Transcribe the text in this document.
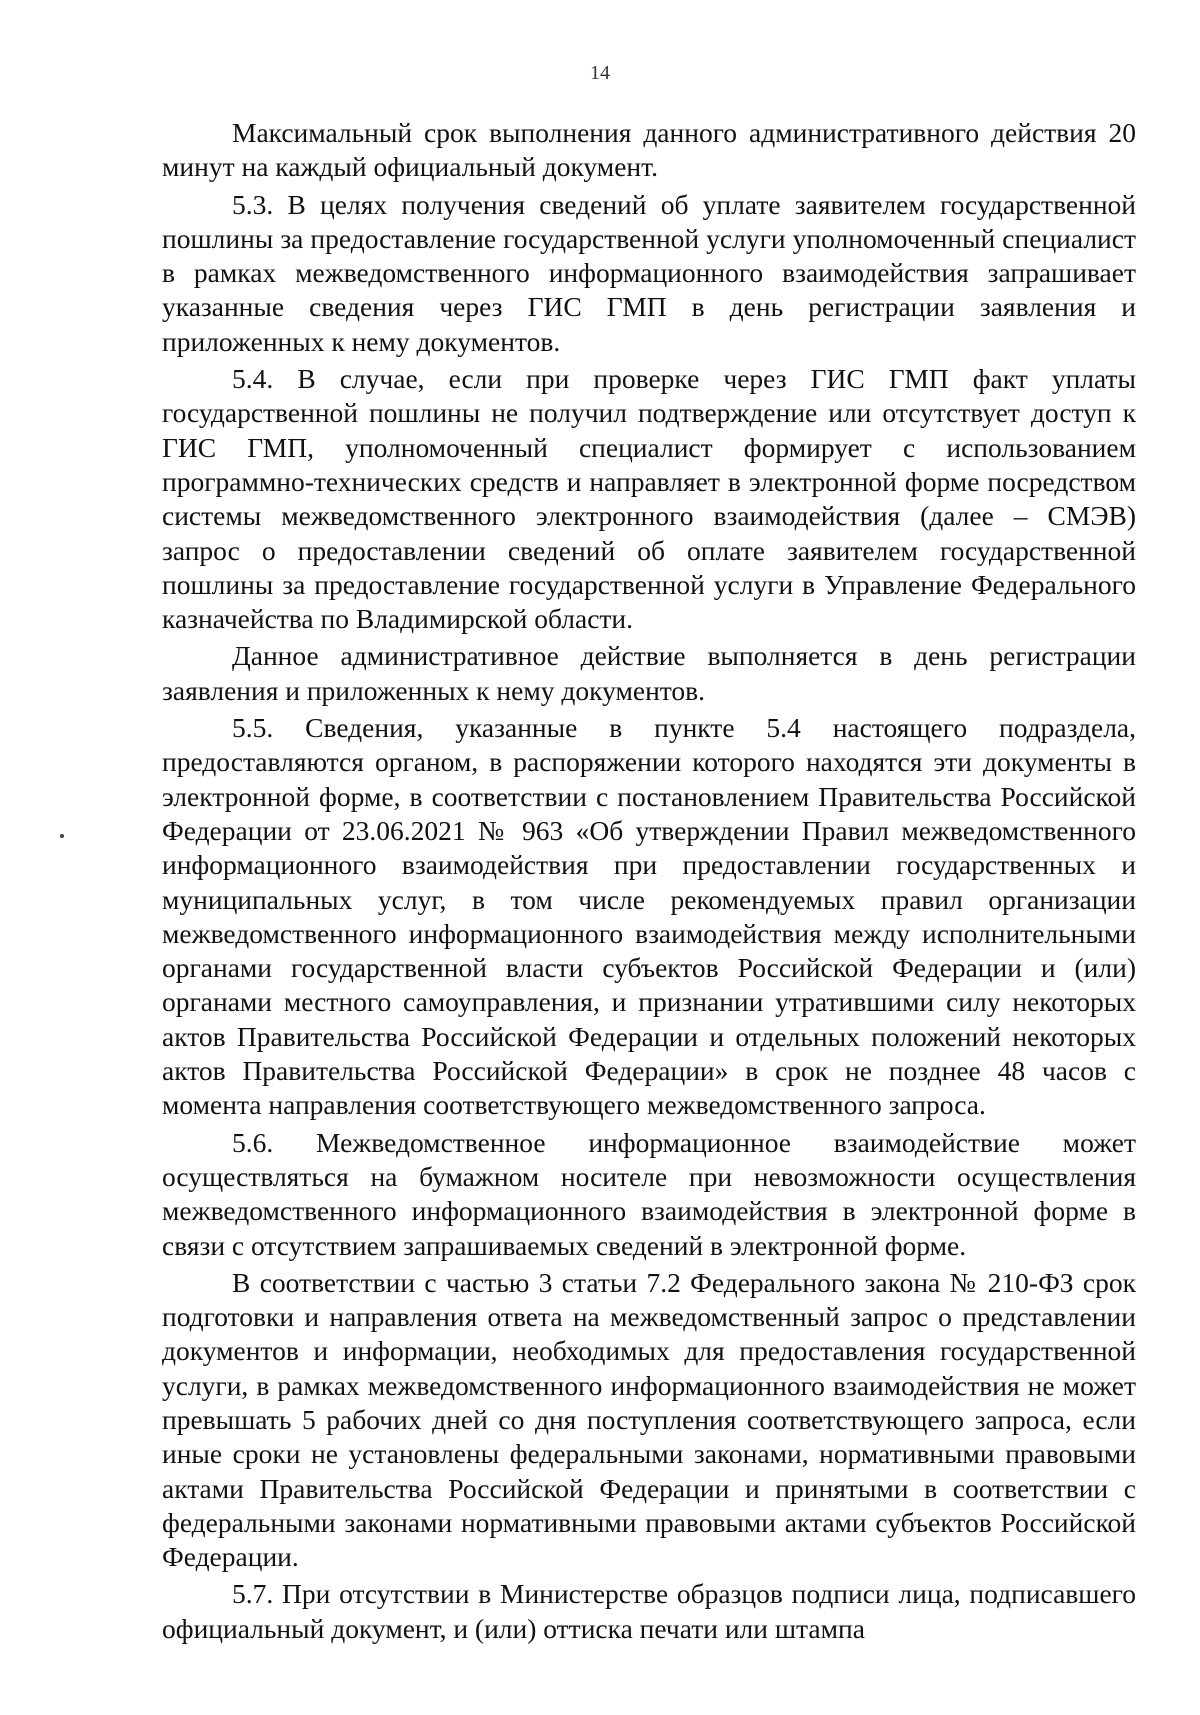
14

Максимальный срок выполнения данного административного действия 20 минут на каждый официальный документ.

5.3. В целях получения сведений об уплате заявителем государственной пошлины за предоставление государственной услуги уполномоченный специалист в рамках межведомственного информационного взаимодействия запрашивает указанные сведения через ГИС ГМП в день регистрации заявления и приложенных к нему документов.

5.4. В случае, если при проверке через ГИС ГМП факт уплаты государственной пошлины не получил подтверждение или отсутствует доступ к ГИС ГМП, уполномоченный специалист формирует с использованием программно-технических средств и направляет в электронной форме посредством системы межведомственного электронного взаимодействия (далее – СМЭВ) запрос о предоставлении сведений об оплате заявителем государственной пошлины за предоставление государственной услуги в Управление Федерального казначейства по Владимирской области.

Данное административное действие выполняется в день регистрации заявления и приложенных к нему документов.

5.5. Сведения, указанные в пункте 5.4 настоящего подраздела, предоставляются органом, в распоряжении которого находятся эти документы в электронной форме, в соответствии с постановлением Правительства Российской Федерации от 23.06.2021 № 963 «Об утверждении Правил межведомственного информационного взаимодействия при предоставлении государственных и муниципальных услуг, в том числе рекомендуемых правил организации межведомственного информационного взаимодействия между исполнительными органами государственной власти субъектов Российской Федерации и (или) органами местного самоуправления, и признании утратившими силу некоторых актов Правительства Российской Федерации и отдельных положений некоторых актов Правительства Российской Федерации» в срок не позднее 48 часов с момента направления соответствующего межведомственного запроса.

5.6. Межведомственное информационное взаимодействие может осуществляться на бумажном носителе при невозможности осуществления межведомственного информационного взаимодействия в электронной форме в связи с отсутствием запрашиваемых сведений в электронной форме.

В соответствии с частью 3 статьи 7.2 Федерального закона № 210-ФЗ срок подготовки и направления ответа на межведомственный запрос о представлении документов и информации, необходимых для предоставления государственной услуги, в рамках межведомственного информационного взаимодействия не может превышать 5 рабочих дней со дня поступления соответствующего запроса, если иные сроки не установлены федеральными законами, нормативными правовыми актами Правительства Российской Федерации и принятыми в соответствии с федеральными законами нормативными правовыми актами субъектов Российской Федерации.

5.7. При отсутствии в Министерстве образцов подписи лица, подписавшего официальный документ, и (или) оттиска печати или штампа
